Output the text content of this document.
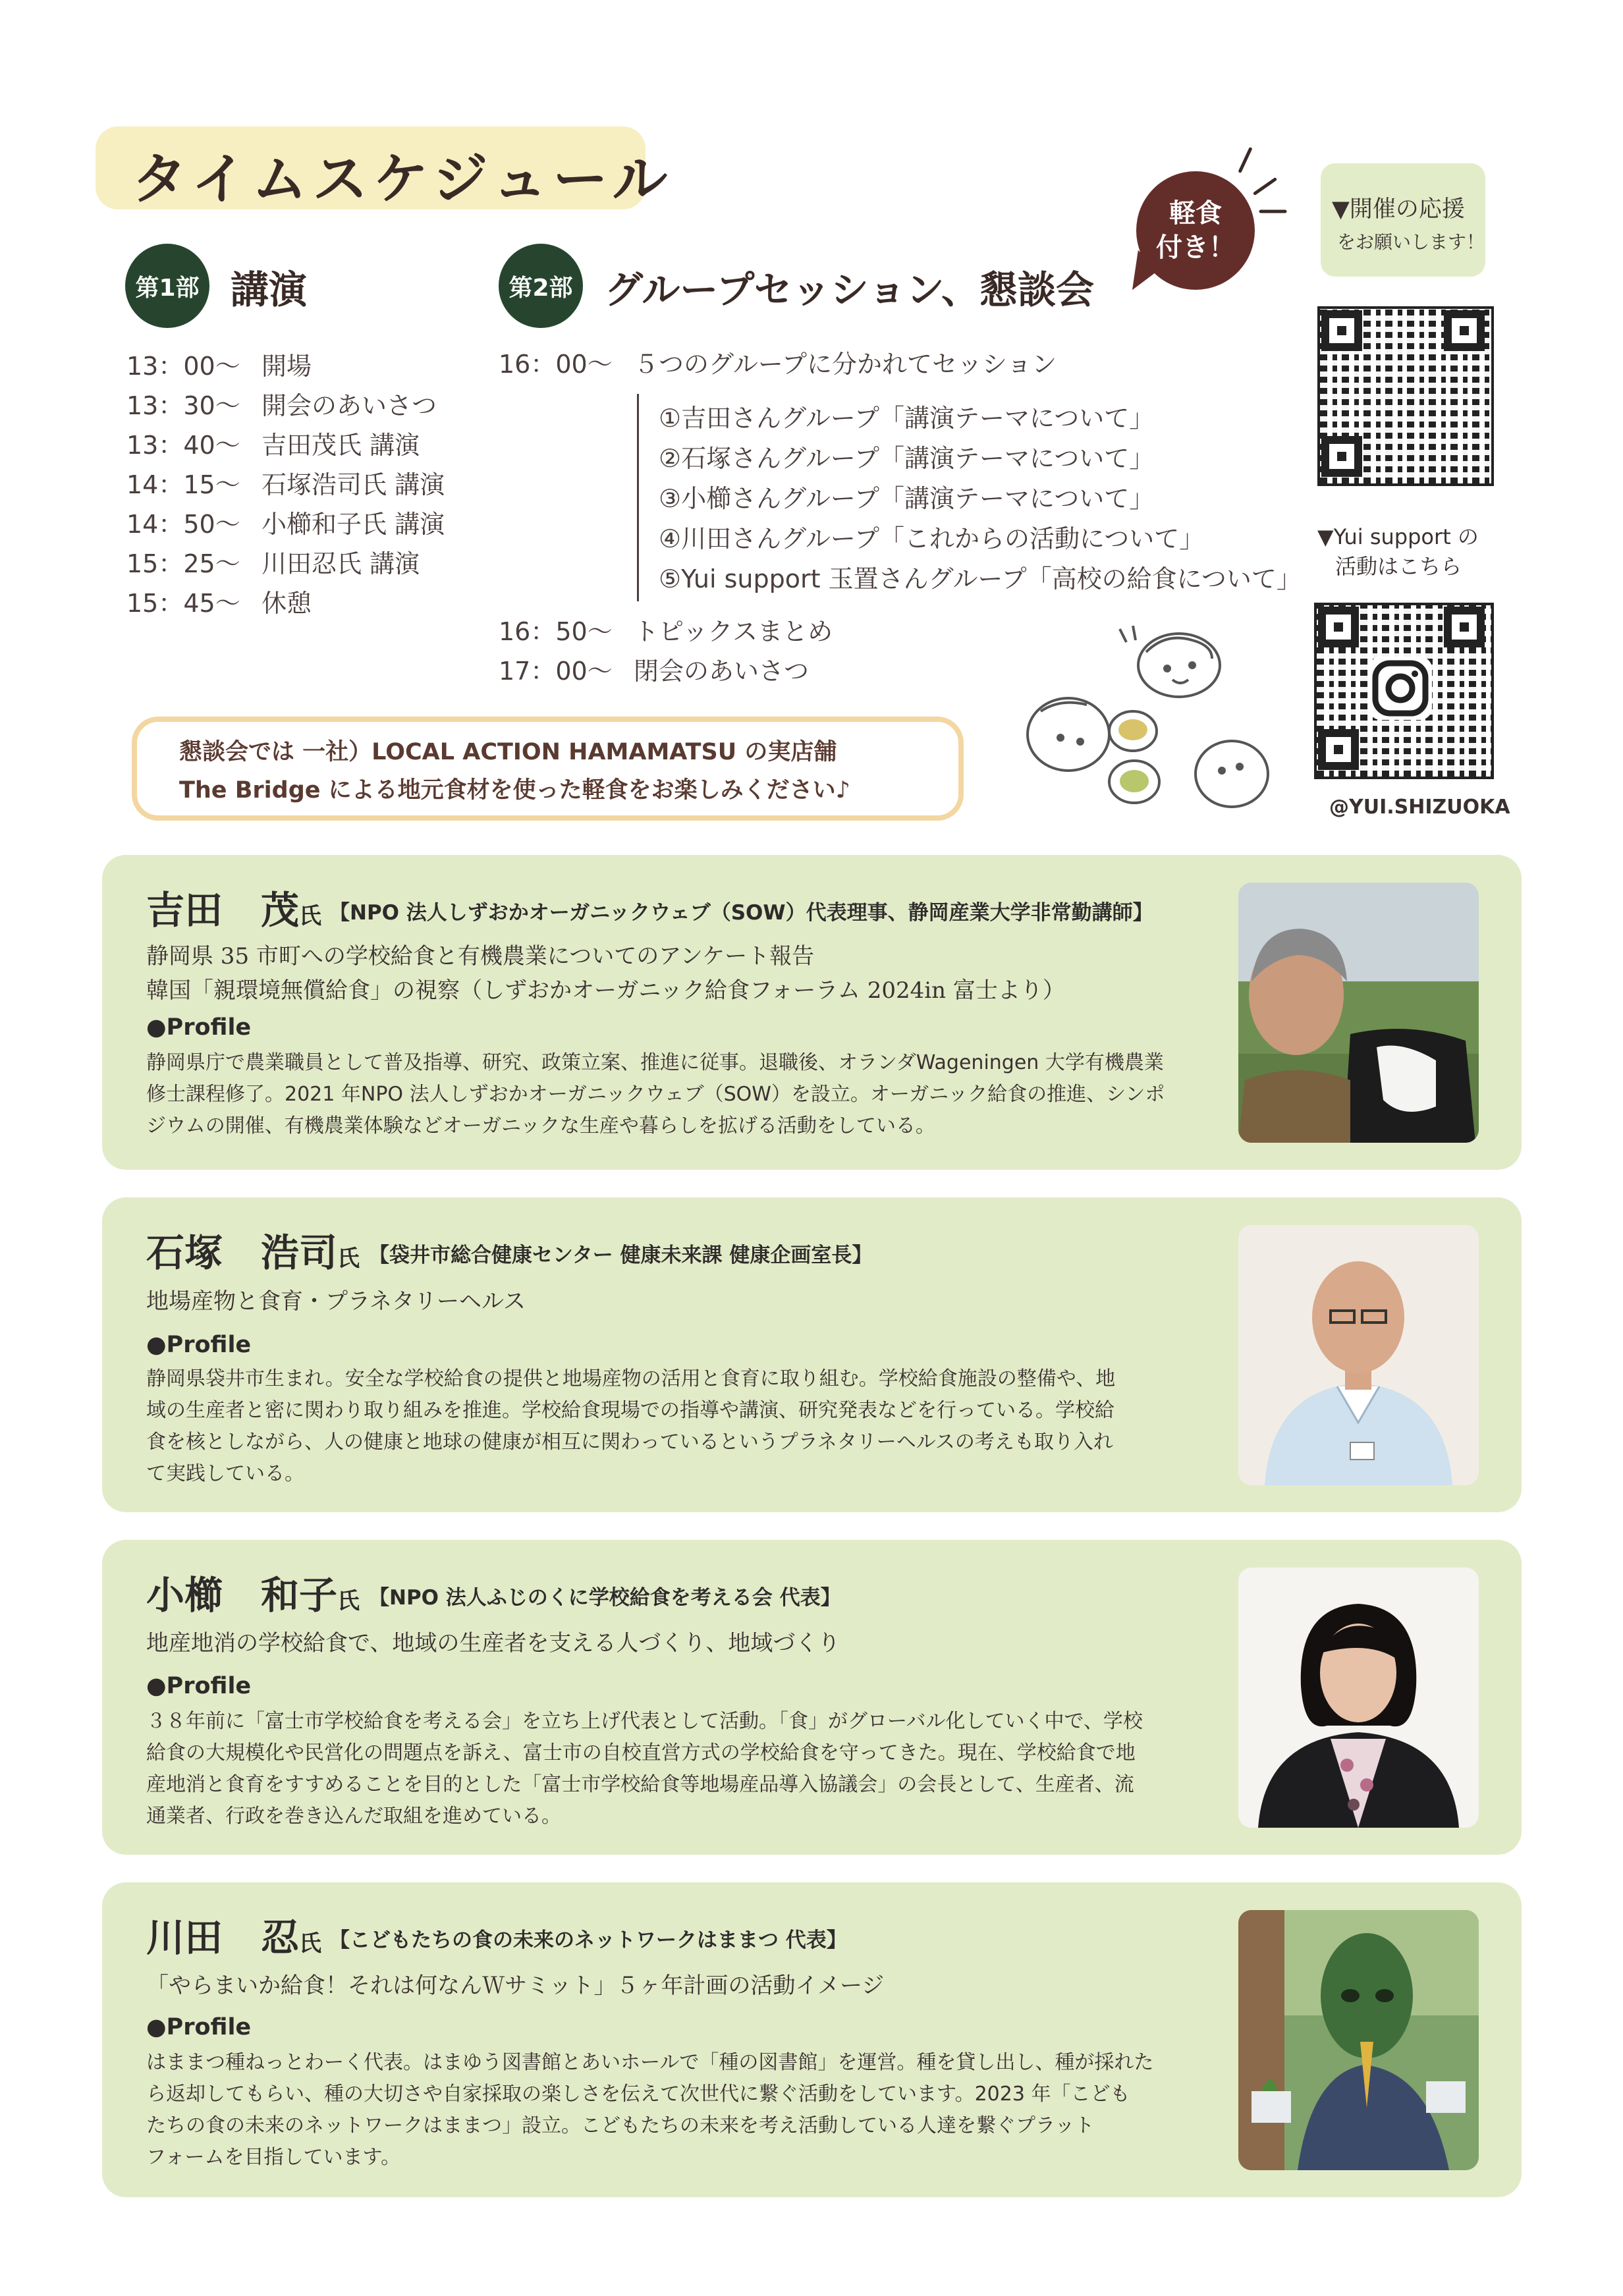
タイムスケジュール
第1部 講演
13：00～ 開場
13：30～ 開会のあいさつ
13：40～ 吉田茂氏 講演
14：15～ 石塚浩司氏 講演
14：50～ 小櫛和子氏 講演
15：25～ 川田忍氏 講演
15：45～ 休憩
第2部 グループセッション、懇談会
16：00～ ５つのグループに分かれてセッション
①吉田さんグループ「講演テーマについて」
②石塚さんグループ「講演テーマについて」
③小櫛さんグループ「講演テーマについて」
④川田さんグループ「これからの活動について」
⑤Yui support 玉置さんグループ「高校の給食について」
16：50～ トピックスまとめ
17：00～ 閉会のあいさつ
軽食
付き！
▼開催の応援
をお願いします！
▼Yui support の
活動はこちら
@YUI.SHIZUOKA
懇談会では 一社）LOCAL ACTION HAMAMATSU の実店舗
The Bridge による地元食材を使った軽食をお楽しみください♪
吉田　茂氏 【NPO 法人しずおかオーガニックウェブ（SOW）代表理事、静岡産業大学非常勤講師】
静岡県 35 市町への学校給食と有機農業についてのアンケート報告
韓国「親環境無償給食」の視察（しずおかオーガニック給食フォーラム 2024in 富士より）
●Profile
静岡県庁で農業職員として普及指導、研究、政策立案、推進に従事。退職後、オランダWageningen 大学有機農業
修士課程修了。2021 年NPO 法人しずおかオーガニックウェブ（SOW）を設立。オーガニック給食の推進、シンポ
ジウムの開催、有機農業体験などオーガニックな生産や暮らしを拡げる活動をしている。
石塚　浩司氏 【袋井市総合健康センター 健康未来課 健康企画室長】
地場産物と食育・プラネタリーヘルス
●Profile
静岡県袋井市生まれ。安全な学校給食の提供と地場産物の活用と食育に取り組む。学校給食施設の整備や、地
域の生産者と密に関わり取り組みを推進。学校給食現場での指導や講演、研究発表などを行っている。学校給
食を核としながら、人の健康と地球の健康が相互に関わっているというプラネタリーヘルスの考えも取り入れ
て実践している。
小櫛　和子氏 【NPO 法人ふじのくに学校給食を考える会 代表】
地産地消の学校給食で、地域の生産者を支える人づくり、地域づくり
●Profile
３８年前に「富士市学校給食を考える会」を立ち上げ代表として活動。「食」がグローバル化していく中で、学校
給食の大規模化や民営化の問題点を訴え、富士市の自校直営方式の学校給食を守ってきた。現在、学校給食で地
産地消と食育をすすめることを目的とした「富士市学校給食等地場産品導入協議会」の会長として、生産者、流
通業者、行政を巻き込んだ取組を進めている。
川田　忍氏 【こどもたちの食の未来のネットワークはままつ 代表】
「やらまいか給食！それは何なんＷサミット」５ヶ年計画の活動イメージ
●Profile
はままつ種ねっとわーく代表。はまゆう図書館とあいホールで「種の図書館」を運営。種を貸し出し、種が採れた
ら返却してもらい、種の大切さや自家採取の楽しさを伝えて次世代に繋ぐ活動をしています。2023 年「こども
たちの食の未来のネットワークはままつ」設立。こどもたちの未来を考え活動している人達を繋ぐプラット
フォームを目指しています。
